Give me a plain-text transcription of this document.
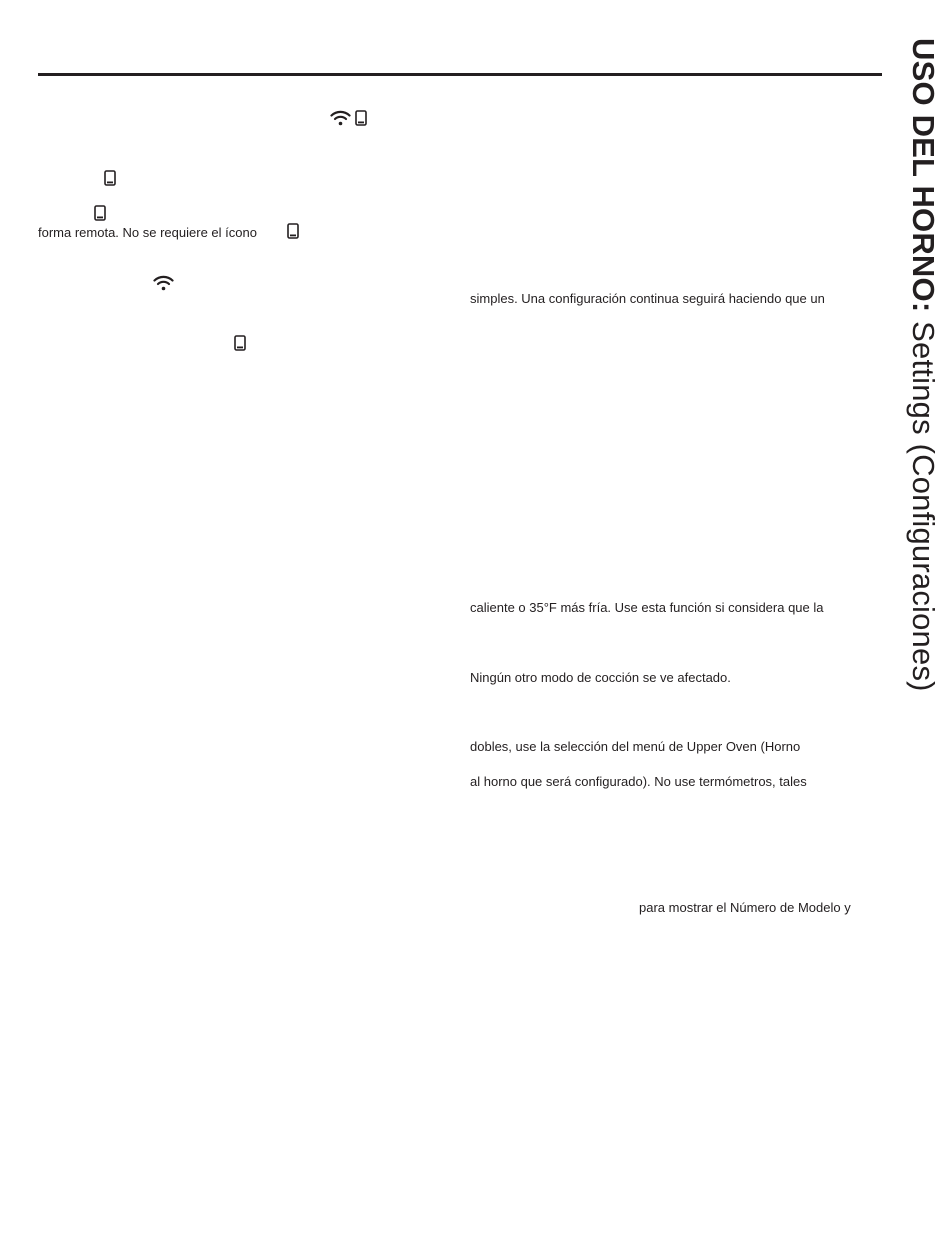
forma remota. No se requiere el ícono
simples. Una configuración continua seguirá haciendo que un
caliente o 35°F más fría. Use esta función si considera que la
Ningún otro modo de cocción se ve afectado.
dobles, use la selección del menú de Upper Oven (Horno
al horno que será configurado). No use termómetros, tales
para mostrar el Número de Modelo y
USO DEL HORNO: Settings (Configuraciones)
